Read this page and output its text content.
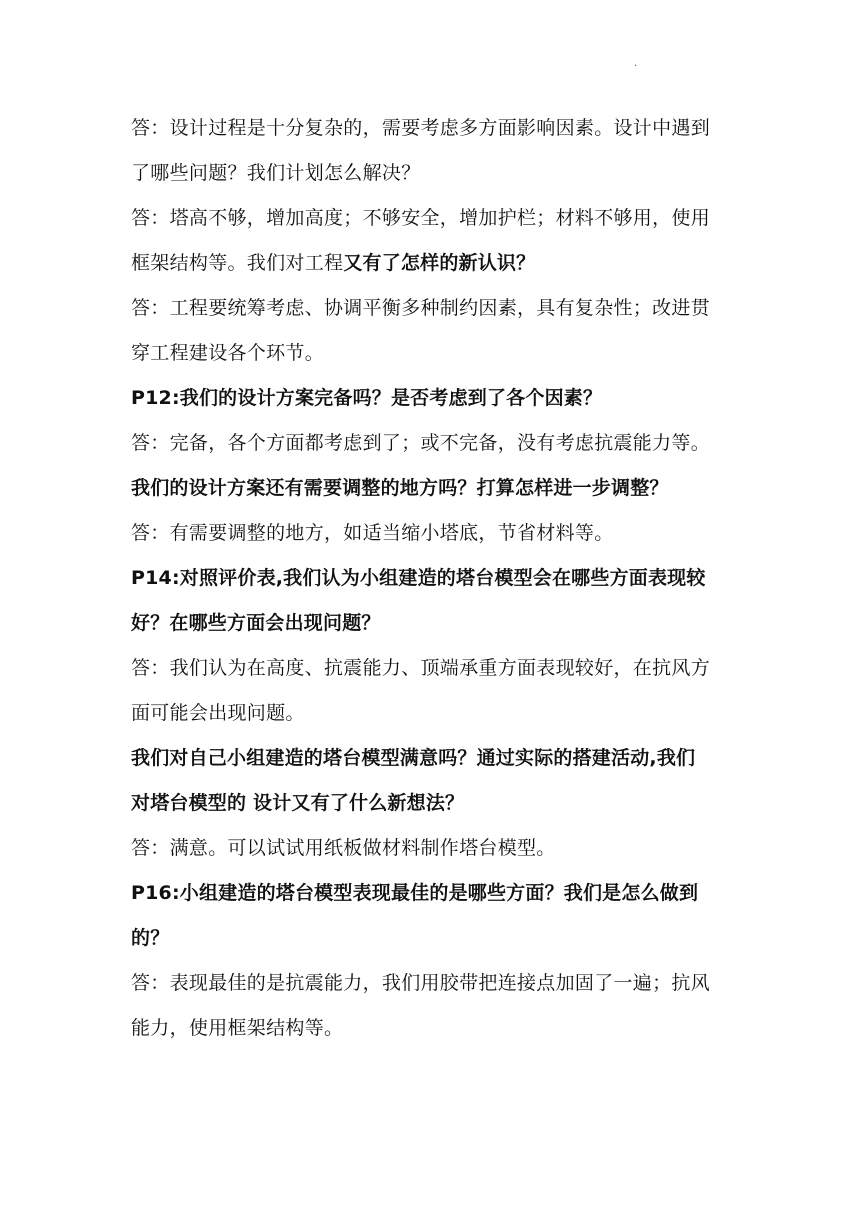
·
答：设计过程是十分复杂的，需要考虑多方面影响因素。设计中遇到
了哪些问题？我们计划怎么解决？
答：塔高不够，增加高度；不够安全，增加护栏；材料不够用，使用
框架结构等。我们对工程又有了怎样的新认识？
答：工程要统筹考虑、协调平衡多种制约因素，具有复杂性；改进贯
穿工程建设各个环节。
P12:我们的设计方案完备吗？是否考虑到了各个因素？
答：完备，各个方面都考虑到了；或不完备，没有考虑抗震能力等。
我们的设计方案还有需要调整的地方吗？打算怎样进一步调整？
答：有需要调整的地方，如适当缩小塔底，节省材料等。
P14:对照评价表,我们认为小组建造的塔台模型会在哪些方面表现较
好？在哪些方面会出现问题？
答：我们认为在高度、抗震能力、顶端承重方面表现较好，在抗风方
面可能会出现问题。
我们对自己小组建造的塔台模型满意吗？通过实际的搭建活动,我们
对塔台模型的 设计又有了什么新想法？
答：满意。可以试试用纸板做材料制作塔台模型。
P16:小组建造的塔台模型表现最佳的是哪些方面？我们是怎么做到
的？
答：表现最佳的是抗震能力，我们用胶带把连接点加固了一遍；抗风
能力，使用框架结构等。
